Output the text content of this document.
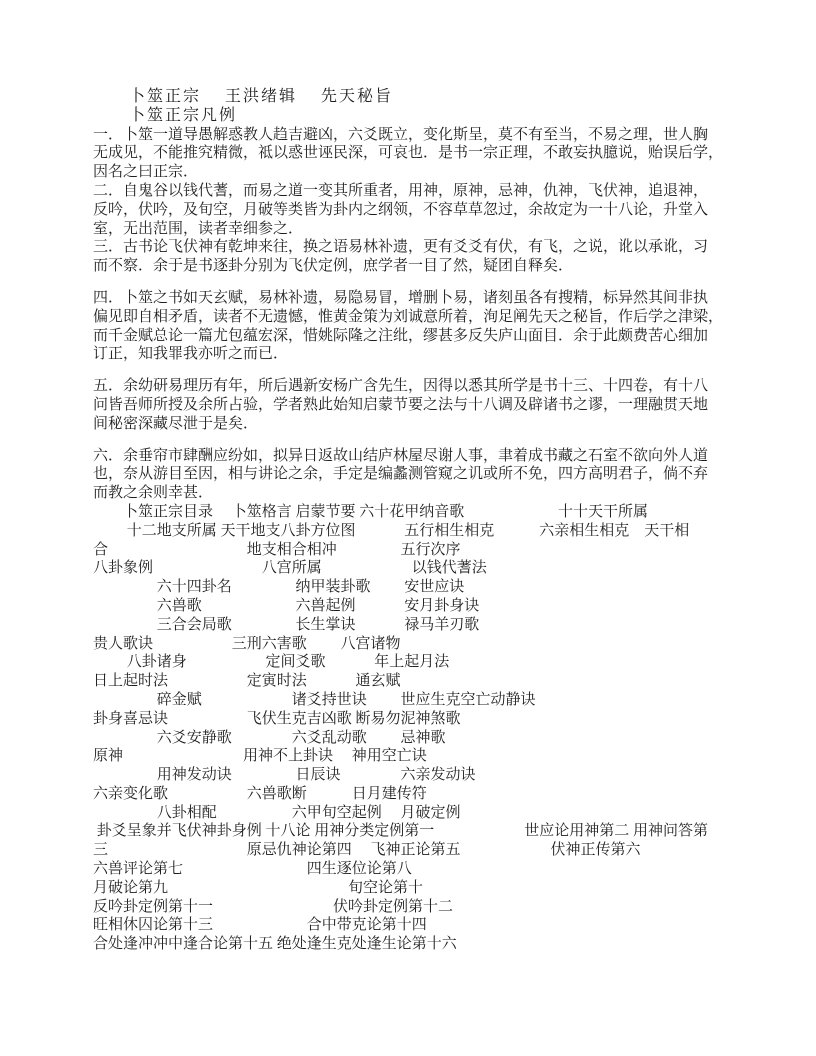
　　卜筮正宗　 王洪绪辑　 先天秘旨
　　卜筮正宗凡例
一．卜筮一道导愚解惑教人趋吉避凶，六爻既立，变化斯呈，莫不有至当，不易之理，世人胸
无成见，不能推究精微，祗以惑世诬民深，可哀也．是书一宗正理，不敢妄执臆说，贻误后学，
因名之曰正宗．
二．自鬼谷以钱代蓍，而易之道一变其所重者，用神，原神，忌神，仇神，飞伏神，追退神，
反吟，伏吟，及旬空，月破等类皆为卦内之纲领，不容草草忽过，余故定为一十八论，升堂入
室，无出范围，读者幸细参之．
三．古书论飞伏神有乾坤来往，换之语易林补遗，更有爻爻有伏，有飞，之说，讹以承讹，习
而不察．余于是书逐卦分别为飞伏定例，庶学者一目了然，疑团自释矣．
四．卜筮之书如天玄赋，易林补遗，易隐易冒，增删卜易，诸刻虽各有搜精，标异然其间非执
偏见即自相矛盾，读者不无遗憾，惟黄金策为刘诚意所着，洵足阐先天之秘旨，作后学之津梁，
而千金赋总论一篇尤包蕴宏深，惜姚际隆之注纰，缪甚多反失庐山面目．余于此颇费苦心细加
订正，知我罪我亦听之而已．
五．余幼研易理历有年，所后遇新安杨广含先生，因得以悉其所学是书十三、十四卷，有十八
问皆吾师所授及余所占验，学者熟此始知启蒙节要之法与十八调及辟诸书之谬，一理融贯天地
间秘密深藏尽泄于是矣．
六．余垂帘市肆酬应纷如，拟异日返故山结庐林屋尽谢人事，聿着成书藏之石室不欲向外人道
也，奈从游目至因，相与讲论之余，手定是编蠡测管窥之讥或所不免，四方高明君子，倘不弃
而教之余则幸甚．
　　卜筮正宗目录　 卜筮格言 启蒙节要 六十花甲纳音歌　　　　　　 十十天干所属
　　 十二地支所属 天干地支八卦方位图　　　 五行相生相克　　　六亲相生相克　天干相
合　　　　　　　　　 地支相合相冲　　　　 五行次序
八卦象例　　　　　　　 八宫所属　　　　　　以钱代蓍法
　　　　 六十四卦名　　　　 纳甲装卦歌　　 安世应诀
　　　　 六兽歌　　　　　　 六兽起例　　　 安月卦身诀
　　　　 三合会局歌　　　　 长生掌诀　　　 禄马羊刃歌
贵人歌诀　　　　　 三刑六害歌　　 八宫诸物
　　 八卦诸身　　　　　 定间爻歌　　　 年上起月法
日上起时法　　　　　 定寅时法　　　 通玄赋
　　　　 碎金赋　　　　　　诸爻持世诀　　 世应生克空亡动静诀
卦身喜忌诀　　　　　 飞伏生克吉凶歌 断易勿泥神煞歌
　　　　 六爻安静歌　　　　六爻乱动歌　　 忌神歌
原神　　　　　　　　用神不上卦诀　 神用空亡诀
　　　　 用神发动诀　　　　 日辰诀　　　　六亲发动诀
六亲变化歌　　　　　 六兽歌断　　　日月建传符
　　　　 八卦相配　　　　　六甲旬空起例　 月破定例
卦爻呈象并飞伏神卦身例 十八论 用神分类定例第一　　　　　　世应论用神第二 用神问答第
三　　　　　　　　　 原忌仇神论第四　 飞神正论第五　　　　　　伏神正传第六
六兽评论第七　　　　　　　　 四生逐位论第八
月破论第九　　　　　　　　　　　　旬空论第十
反吟卦定例第十一　　　　　　　　伏吟卦定例第十二
旺相休囚论第十三　　　　　　 合中带克论第十四
合处逢冲冲中逢合论第十五 绝处逢生克处逢生论第十六
